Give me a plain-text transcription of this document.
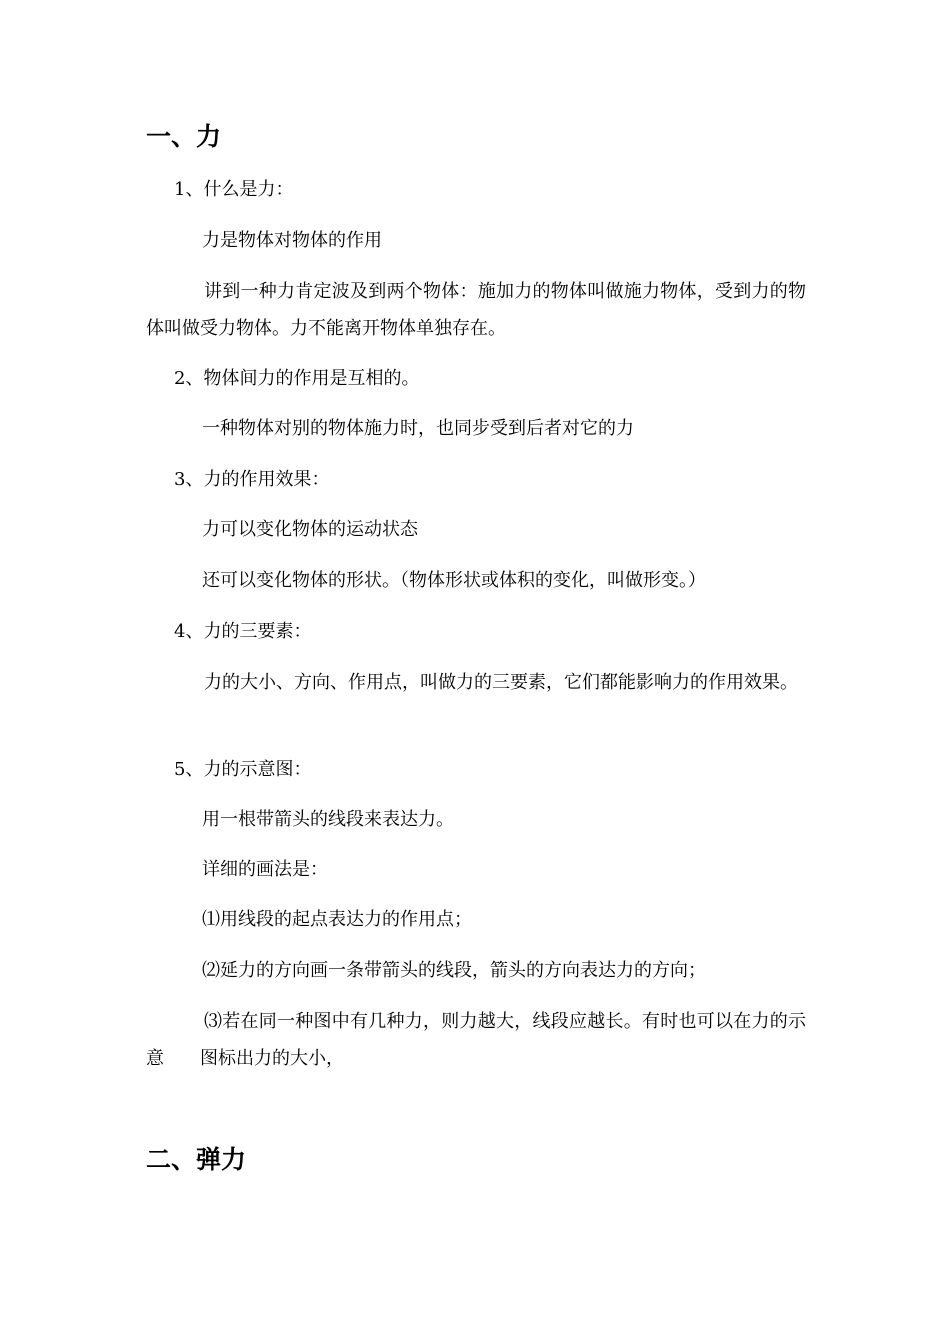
一、力

1、什么是力：

力是物体对物体的作用

讲到一种力肯定波及到两个物体：施加力的物体叫做施力物体，受到力的物体叫做受力物体。力不能离开物体单独存在。

2、物体间力的作用是互相的。

一种物体对别的物体施力时，也同步受到后者对它的力

3、力的作用效果：

力可以变化物体的运动状态

还可以变化物体的形状。（物体形状或体积的变化，叫做形变。）

4、力的三要素：

力的大小、方向、作用点，叫做力的三要素，它们都能影响力的作用效果。

5、力的示意图：

用一根带箭头的线段来表达力。

详细的画法是：

⑴用线段的起点表达力的作用点；

⑵延力的方向画一条带箭头的线段，箭头的方向表达力的方向；

⑶若在同一种图中有几种力，则力越大，线段应越长。有时也可以在力的示意　　图标出力的大小，

二、弹力
